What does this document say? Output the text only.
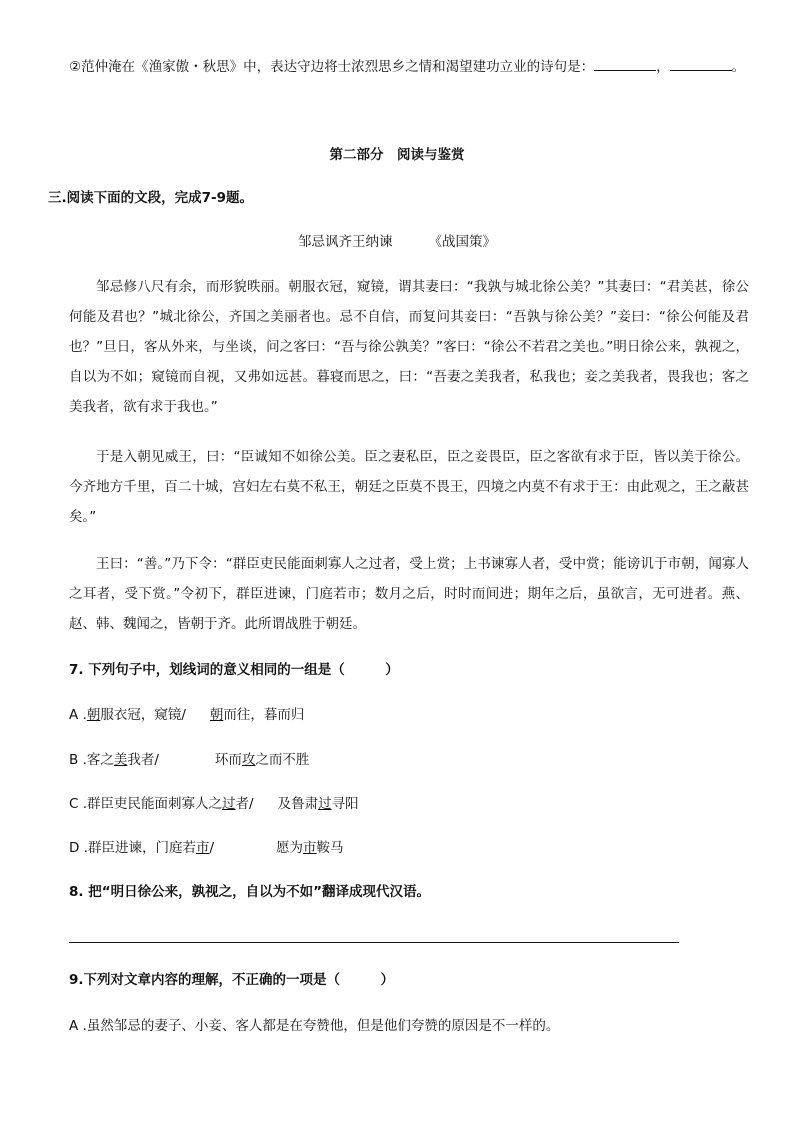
②范仲淹在《渔家傲・秋思》中，表达守边将士浓烈思乡之情和渴望建功立业的诗句是：	，	。
第二部分　阅读与鉴赏
三.阅读下面的文段，完成7-9题。
邹忌讽齐王纳谏	《战国策》
邹忌修八尺有余，而形貌昳丽。朝服衣冠，窥镜，谓其妻曰：“我孰与城北徐公美？”其妻曰：“君美甚，徐公何能及君也？”城北徐公，齐国之美丽者也。忌不自信，而复问其妾曰：“吾孰与徐公美？”妾曰：“徐公何能及君也？”旦日，客从外来，与坐谈，问之客曰：“吾与徐公孰美？”客曰：“徐公不若君之美也。”明日徐公来，孰视之，自以为不如；窥镜而自视，又弗如远甚。暮寝而思之，曰：“吾妻之美我者，私我也；妾之美我者，畏我也；客之美我者，欲有求于我也。”
于是入朝见威王，曰：“臣诚知不如徐公美。臣之妻私臣，臣之妾畏臣，臣之客欲有求于臣，皆以美于徐公。今齐地方千里，百二十城，宫妇左右莫不私王，朝廷之臣莫不畏王，四境之内莫不有求于王：由此观之，王之蔽甚矣。”
王曰：“善。”乃下令：“群臣吏民能面刺寡人之过者，受上赏；上书谏寡人者，受中赏；能谤讥于市朝，闻寡人之耳者，受下赏。”令初下，群臣进谏，门庭若市；数月之后，时时而间进；期年之后，虽欲言，无可进者。燕、赵、韩、魏闻之，皆朝于齐。此所谓战胜于朝廷。
7. 下列句子中，划线词的意义相同的一组是（　　　）
A .朝服衣冠，窥镜/ 朝而往，暮而归
B .客之美我者/	环而攻之而不胜
C .群臣吏民能面刺寡人之过者/ 及鲁肃过寻阳
D .群臣进谏，门庭若市/	愿为市鞍马
8. 把“明日徐公来，孰视之，自以为不如”翻译成现代汉语。
9.下列对文章内容的理解，不正确的一项是（　　　）
A .虽然邹忌的妻子、小妾、客人都是在夸赞他，但是他们夸赞的原因是不一样的。
